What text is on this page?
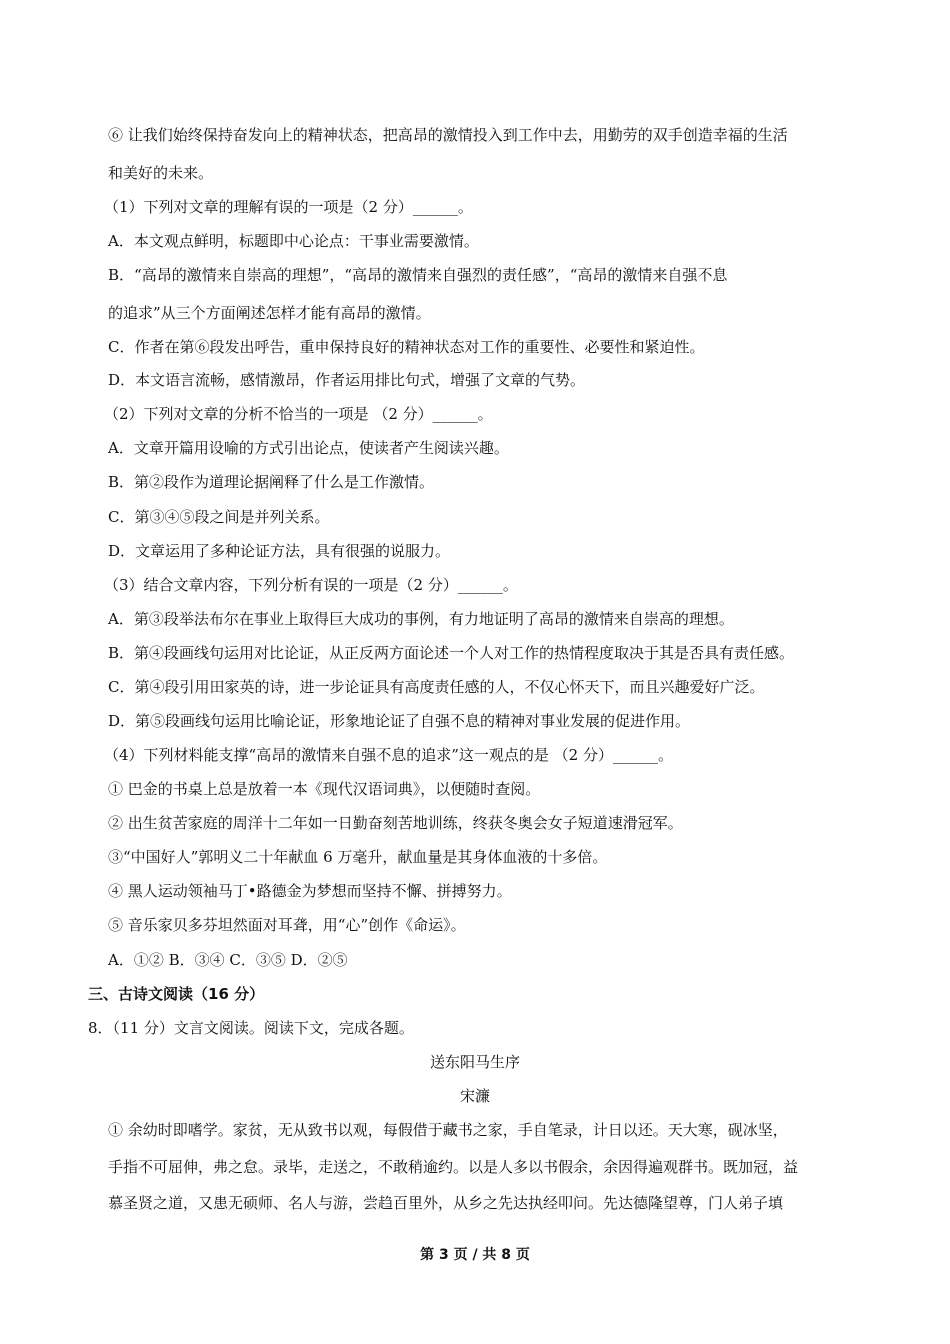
⑥ 让我们始终保持奋发向上的精神状态，把高昂的激情投入到工作中去，用勤劳的双手创造幸福的生活
和美好的未来。
（1）下列对文章的理解有误的一项是（2 分）______。
A．本文观点鲜明，标题即中心论点：干事业需要激情。
B．“高昂的激情来自崇高的理想”，“高昂的激情来自强烈的责任感”，“高昂的激情来自强不息
的追求”从三个方面阐述怎样才能有高昂的激情。
C．作者在第⑥段发出呼告，重申保持良好的精神状态对工作的重要性、必要性和紧迫性。
D．本文语言流畅，感情激昂，作者运用排比句式，增强了文章的气势。
（2）下列对文章的分析不恰当的一项是 （2 分）______。
A．文章开篇用设喻的方式引出论点，使读者产生阅读兴趣。
B．第②段作为道理论据阐释了什么是工作激情。
C．第③④⑤段之间是并列关系。
D．文章运用了多种论证方法，具有很强的说服力。
（3）结合文章内容，下列分析有误的一项是（2 分）______。
A．第③段举法布尔在事业上取得巨大成功的事例，有力地证明了高昂的激情来自崇高的理想。
B．第④段画线句运用对比论证，从正反两方面论述一个人对工作的热情程度取决于其是否具有责任感。
C．第④段引用田家英的诗，进一步论证具有高度责任感的人，不仅心怀天下，而且兴趣爱好广泛。
D．第⑤段画线句运用比喻论证，形象地论证了自强不息的精神对事业发展的促进作用。
（4）下列材料能支撑“高昂的激情来自强不息的追求”这一观点的是 （2 分）______。
① 巴金的书桌上总是放着一本《现代汉语词典》，以便随时查阅。
② 出生贫苦家庭的周洋十二年如一日勤奋刻苦地训练，终获冬奥会女子短道速滑冠军。
③“中国好人”郭明义二十年献血 6 万毫升，献血量是其身体血液的十多倍。
④ 黑人运动领袖马丁•路德金为梦想而坚持不懈、拼搏努力。
⑤ 音乐家贝多芬坦然面对耳聋，用“心”创作《命运》。
A．①② B．③④ C．③⑤ D．②⑤
三、古诗文阅读（16 分）
8．（11 分）文言文阅读。阅读下文，完成各题。
送东阳马生序
宋濂
① 余幼时即嗜学。家贫，无从致书以观，每假借于藏书之家，手自笔录，计日以还。天大寒，砚冰坚，
手指不可屈伸，弗之怠。录毕，走送之，不敢稍逾约。以是人多以书假余，余因得遍观群书。既加冠，益
慕圣贤之道，又患无硕师、名人与游，尝趋百里外，从乡之先达执经叩问。先达德隆望尊，门人弟子填
第 3 页 / 共 8 页
